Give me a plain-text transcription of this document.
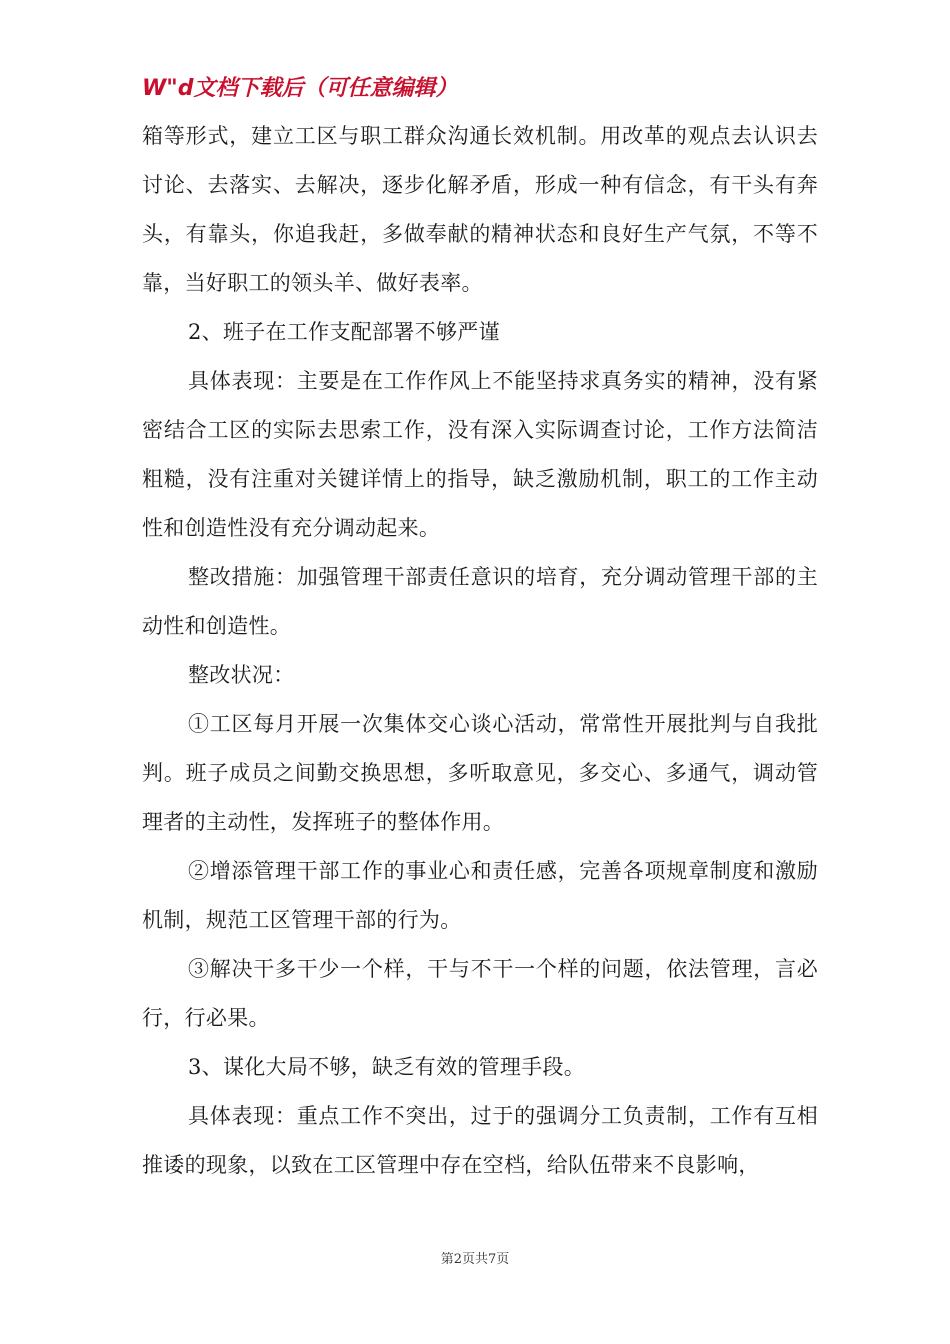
W"d文档下载后（可任意编辑）

箱等形式，建立工区与职工群众沟通长效机制。用改革的观点去认识去讨论、去落实、去解决，逐步化解矛盾，形成一种有信念，有干头有奔头，有靠头，你追我赶，多做奉献的精神状态和良好生产气氛，不等不靠，当好职工的领头羊、做好表率。

2、班子在工作支配部署不够严谨

具体表现：主要是在工作作风上不能坚持求真务实的精神，没有紧密结合工区的实际去思索工作，没有深入实际调查讨论，工作方法简洁粗糙，没有注重对关键详情上的指导，缺乏激励机制，职工的工作主动性和创造性没有充分调动起来。

整改措施：加强管理干部责任意识的培育，充分调动管理干部的主动性和创造性。

整改状况：

①工区每月开展一次集体交心谈心活动，常常性开展批判与自我批判。班子成员之间勤交换思想，多听取意见，多交心、多通气，调动管理者的主动性，发挥班子的整体作用。

②增添管理干部工作的事业心和责任感，完善各项规章制度和激励机制，规范工区管理干部的行为。

③解决干多干少一个样，干与不干一个样的问题，依法管理，言必行，行必果。

3、谋化大局不够，缺乏有效的管理手段。

具体表现：重点工作不突出，过于的强调分工负责制，工作有互相推诿的现象，以致在工区管理中存在空档，给队伍带来不良影响，

第2页共7页
